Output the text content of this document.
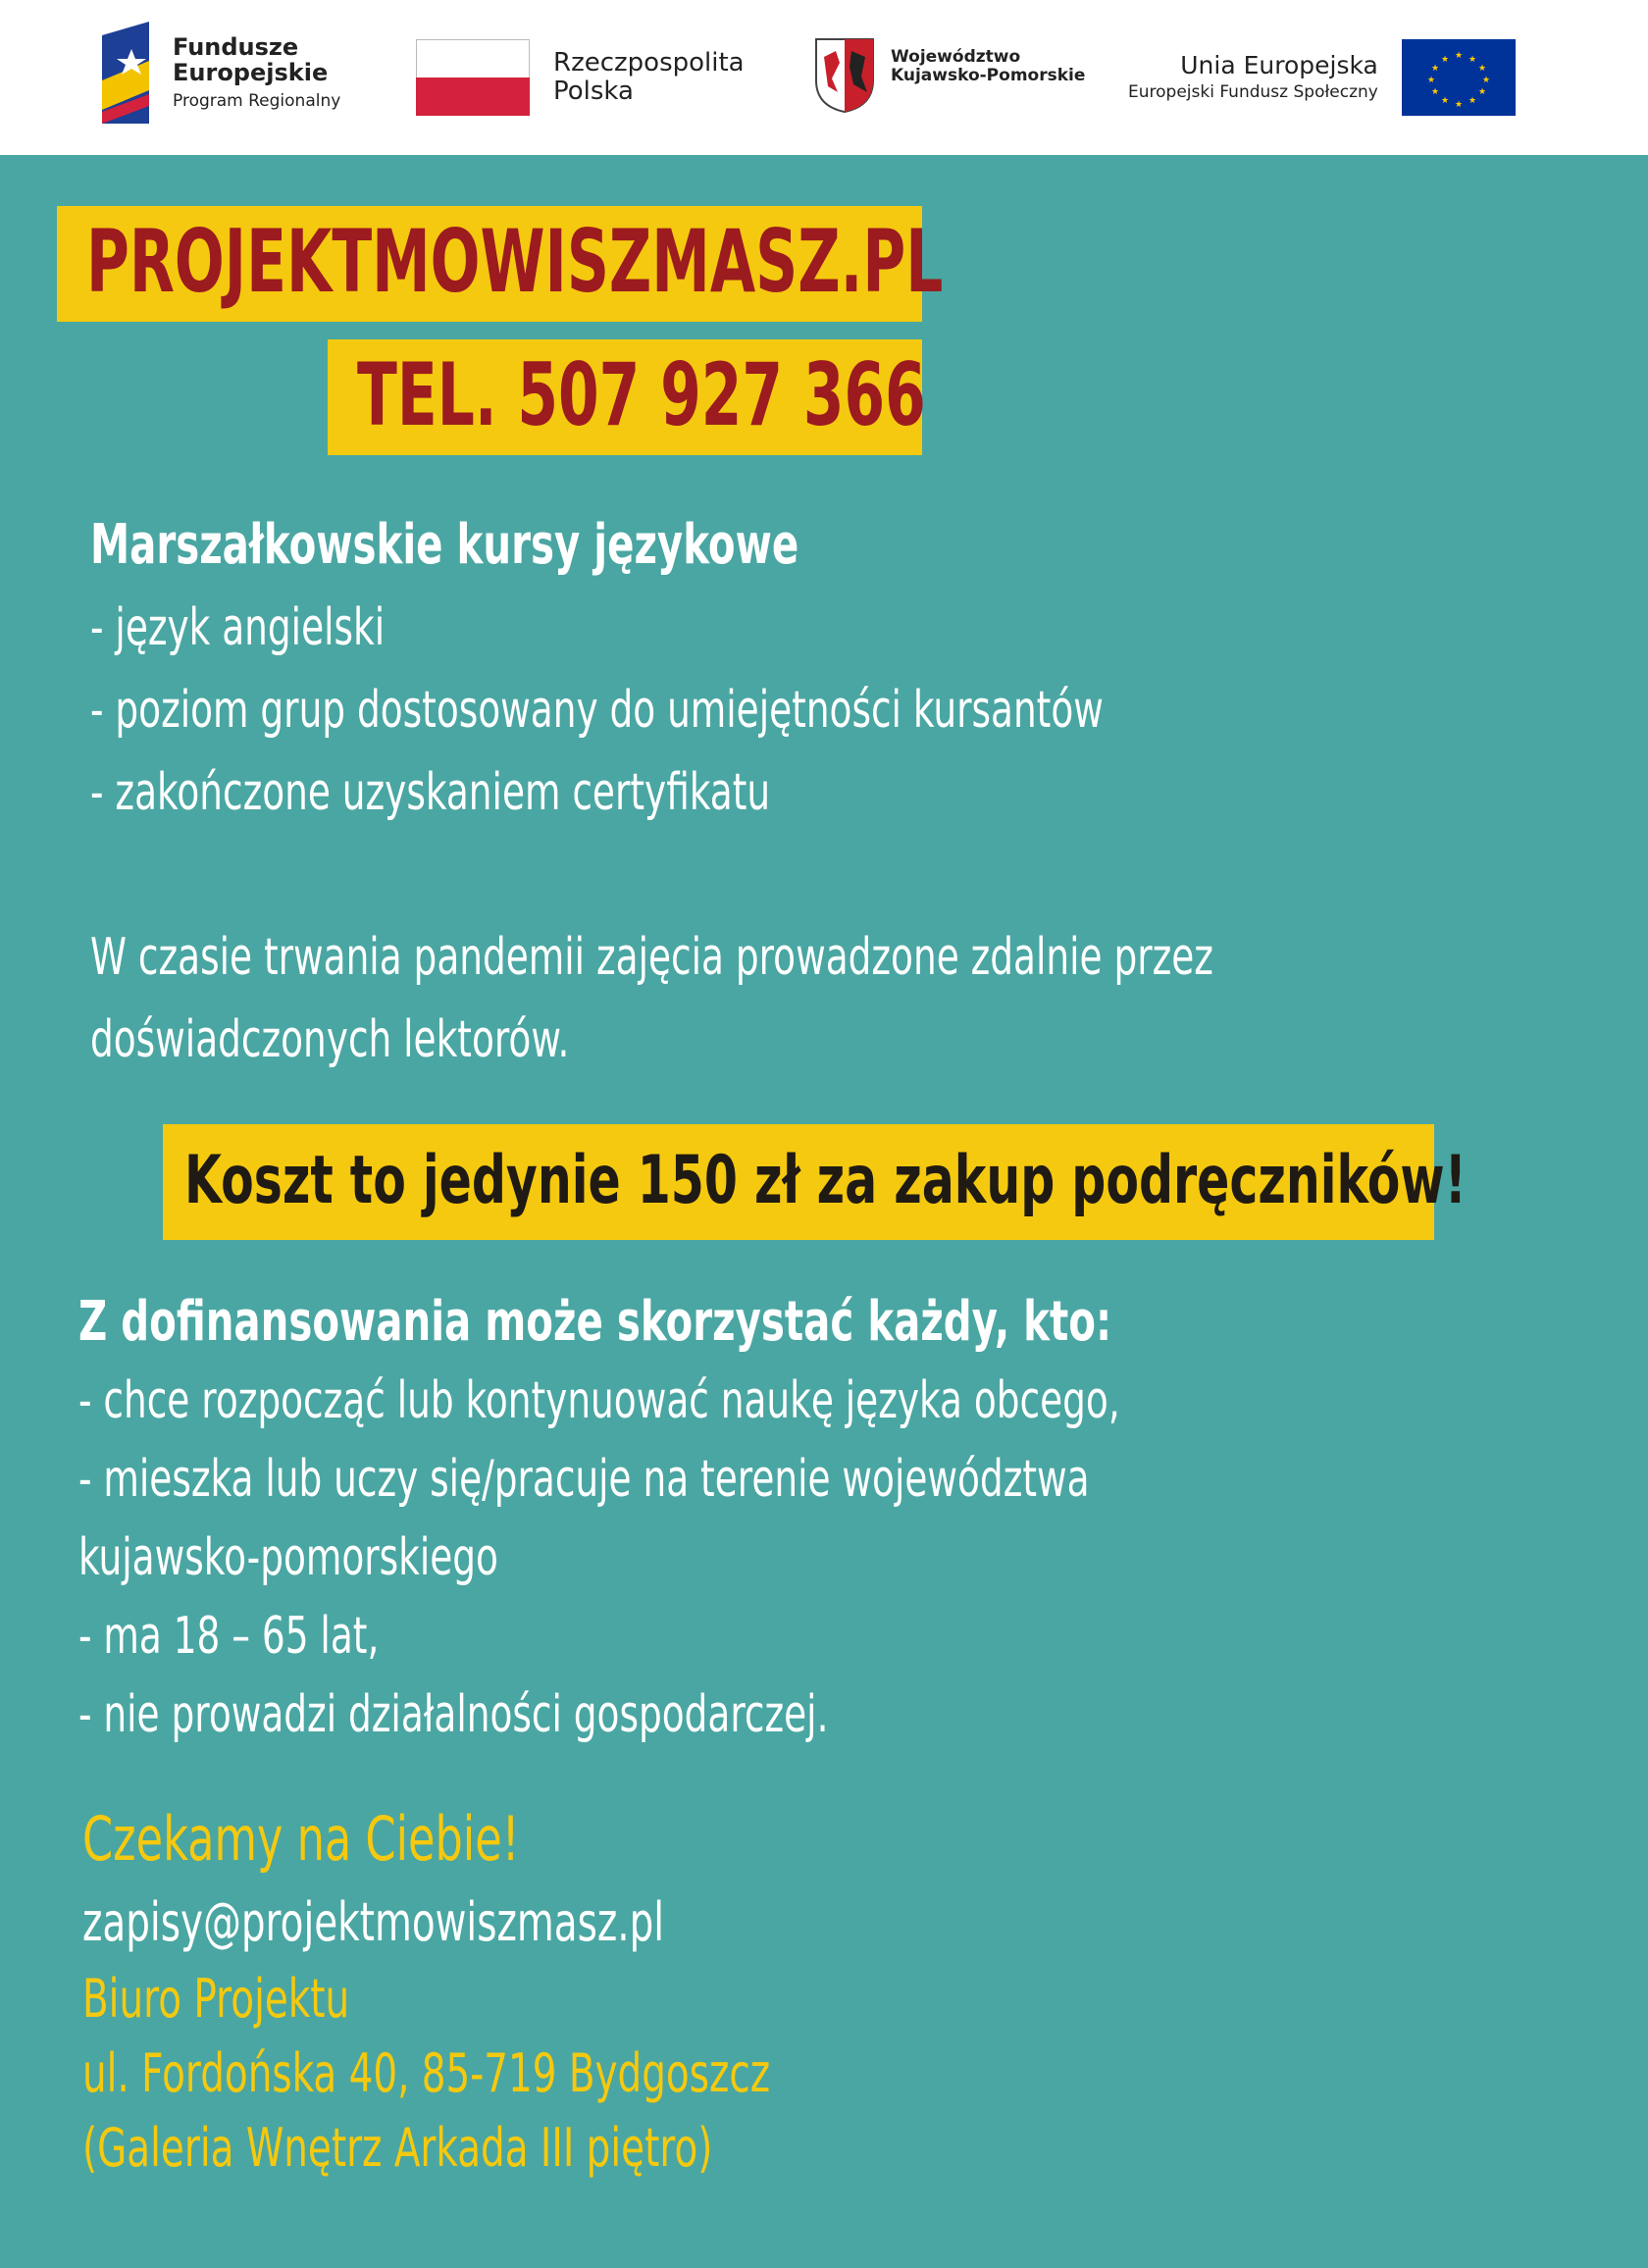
Fundusze
Europejskie
Program Regionalny
Rzeczpospolita
Polska
Województwo
Kujawsko-Pomorskie	Unia Europejska
Europejski Fundusz Społeczny
★ ★
★
★
★
★
★
★
★
★
★
★
PROJEKTMOWISZMASZ.PL
TEL. 507 927 366
Marszałkowskie kursy językowe
- język angielski
- poziom grup dostosowany do umiejętności kursantów
- zakończone uzyskaniem certyfikatu
W czasie trwania pandemii zajęcia prowadzone zdalnie przez
doświadczonych lektorów.
Koszt to jedynie 150 zł za zakup podręczników!
Z dofinansowania może skorzystać każdy, kto:
- chce rozpocząć lub kontynuować naukę języka obcego,
- mieszka lub uczy się/pracuje na terenie województwa
kujawsko-pomorskiego
- ma 18 – 65 lat,
- nie prowadzi działalności gospodarczej.
Czekamy na Ciebie!
zapisy@projektmowiszmasz.pl
Biuro Projektu
ul. Fordońska 40, 85-719 Bydgoszcz
(Galeria Wnętrz Arkada III piętro)
